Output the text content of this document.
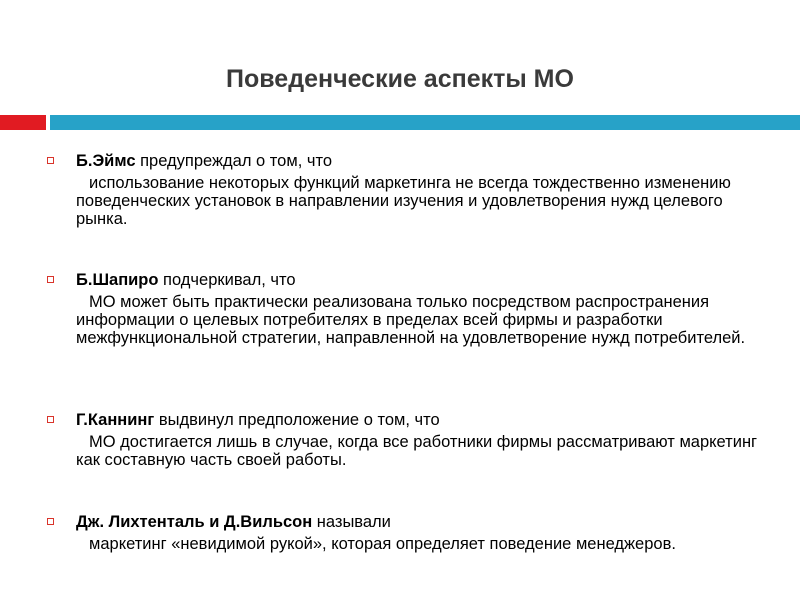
Поведенческие аспекты МО
Б.Эймс предупреждал о том, что
использование некоторых функций маркетинга не всегда тождественно изменению поведенческих установок в направлении изучения и удовлетворения нужд целевого рынка.
Б.Шапиро подчеркивал, что
МО может быть практически реализована только посредством распространения информации о целевых потребителях в пределах всей фирмы и разработки межфункциональной стратегии, направленной на удовлетворение нужд потребителей.
Г.Каннинг выдвинул предположение о том, что
МО достигается лишь в случае, когда все работники фирмы рассматривают маркетинг как составную часть своей работы.
Дж. Лихтенталь и Д.Вильсон называли
маркетинг «невидимой рукой», которая определяет поведение менеджеров.
